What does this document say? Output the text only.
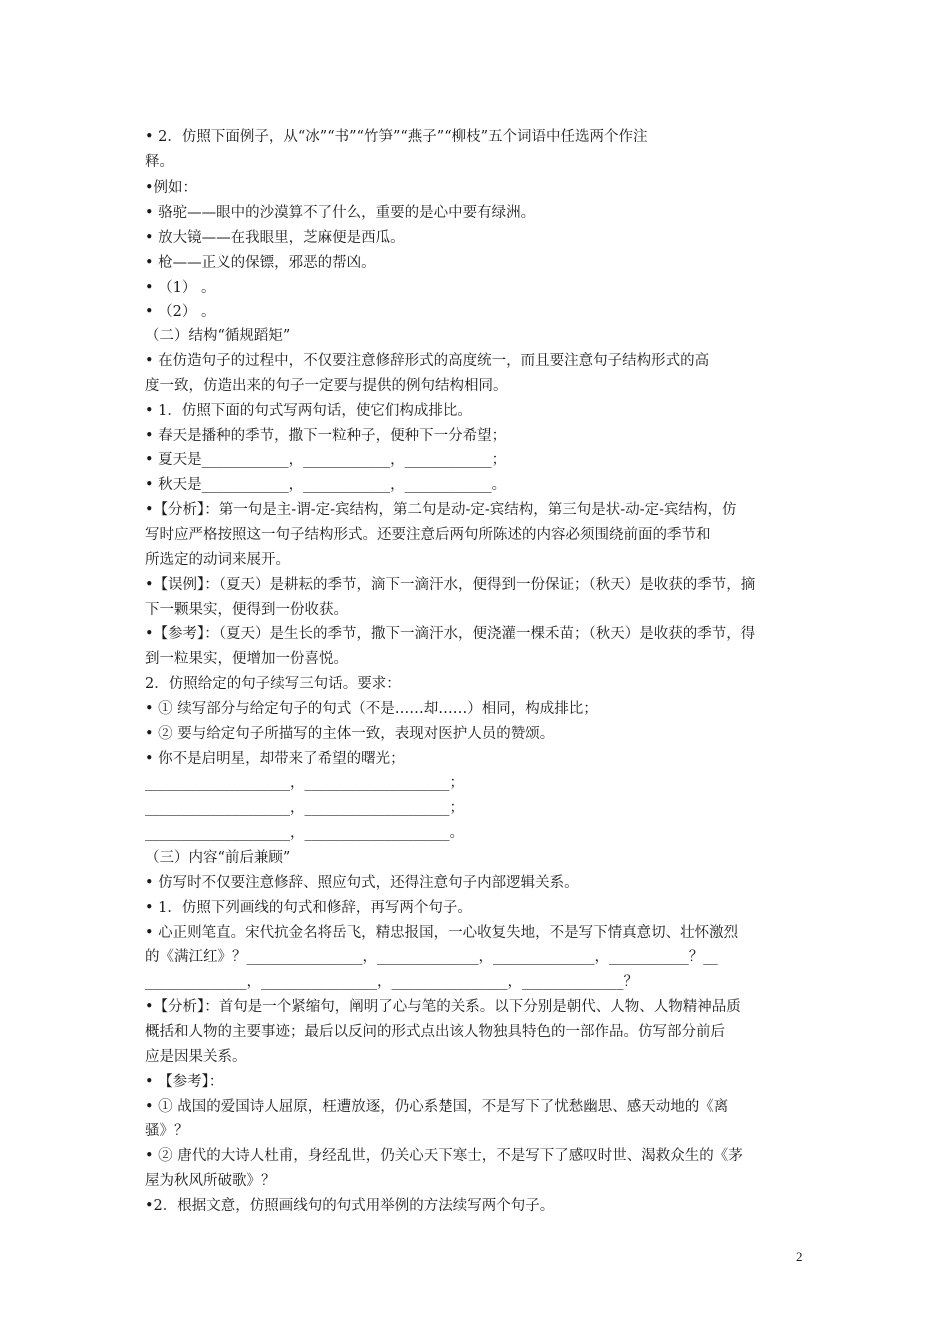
• 2．仿照下面例子，从“冰”“书”“竹笋”“燕子”“柳枝”五个词语中任选两个作注
释。
•例如：
• 骆驼——眼中的沙漠算不了什么，重要的是心中要有绿洲。
• 放大镜——在我眼里，芝麻便是西瓜。
• 枪——正义的保镖，邪恶的帮凶。
• （1） 。
• （2） 。
（二）结构“循规蹈矩”
• 在仿造句子的过程中，不仅要注意修辞形式的高度统一，而且要注意句子结构形式的高
度一致，仿造出来的句子一定要与提供的例句结构相同。
• 1．仿照下面的句式写两句话，使它们构成排比。
• 春天是播种的季节，撒下一粒种子，便种下一分希望；
• 夏天是____________，____________，____________；
• 秋天是____________，____________，____________。
•【分析】：第一句是主-谓-定-宾结构，第二句是动-定-宾结构，第三句是状-动-定-宾结构，仿
写时应严格按照这一句子结构形式。还要注意后两句所陈述的内容必须围绕前面的季节和
所选定的动词来展开。
•【误例】：（夏天）是耕耘的季节，滴下一滴汗水，便得到一份保证；（秋天）是收获的季节，摘
下一颗果实，便得到一份收获。
•【参考】：（夏天）是生长的季节，撒下一滴汗水，便浇灌一棵禾苗；（秋天）是收获的季节，得
到一粒果实，便增加一份喜悦。
2．仿照给定的句子续写三句话。要求：
• ① 续写部分与给定句子的句式（不是……却……）相同，构成排比；
• ② 要与给定句子所描写的主体一致，表现对医护人员的赞颂。
• 你不是启明星，却带来了希望的曙光；
____________________，____________________；
____________________，____________________；
____________________，____________________。
（三）内容“前后兼顾”
• 仿写时不仅要注意修辞、照应句式，还得注意句子内部逻辑关系。
• 1．仿照下列画线的句式和修辞，再写两个句子。
• 心正则笔直。宋代抗金名将岳飞，精忠报国，一心收复失地，不是写下情真意切、壮怀激烈
的《满江红》？________________，______________，______________，___________？__
______________，________________，________________，______________？
•【分析】：首句是一个紧缩句，阐明了心与笔的关系。以下分别是朝代、人物、人物精神品质
概括和人物的主要事迹；最后以反问的形式点出该人物独具特色的一部作品。仿写部分前后
应是因果关系。
• 【参考】：
• ① 战国的爱国诗人屈原，枉遭放逐，仍心系楚国，不是写下了忧愁幽思、感天动地的《离
骚》？
• ② 唐代的大诗人杜甫，身经乱世，仍关心天下寒士，不是写下了感叹时世、渴救众生的《茅
屋为秋风所破歌》？
•2．根据文意，仿照画线句的句式用举例的方法续写两个句子。
2
